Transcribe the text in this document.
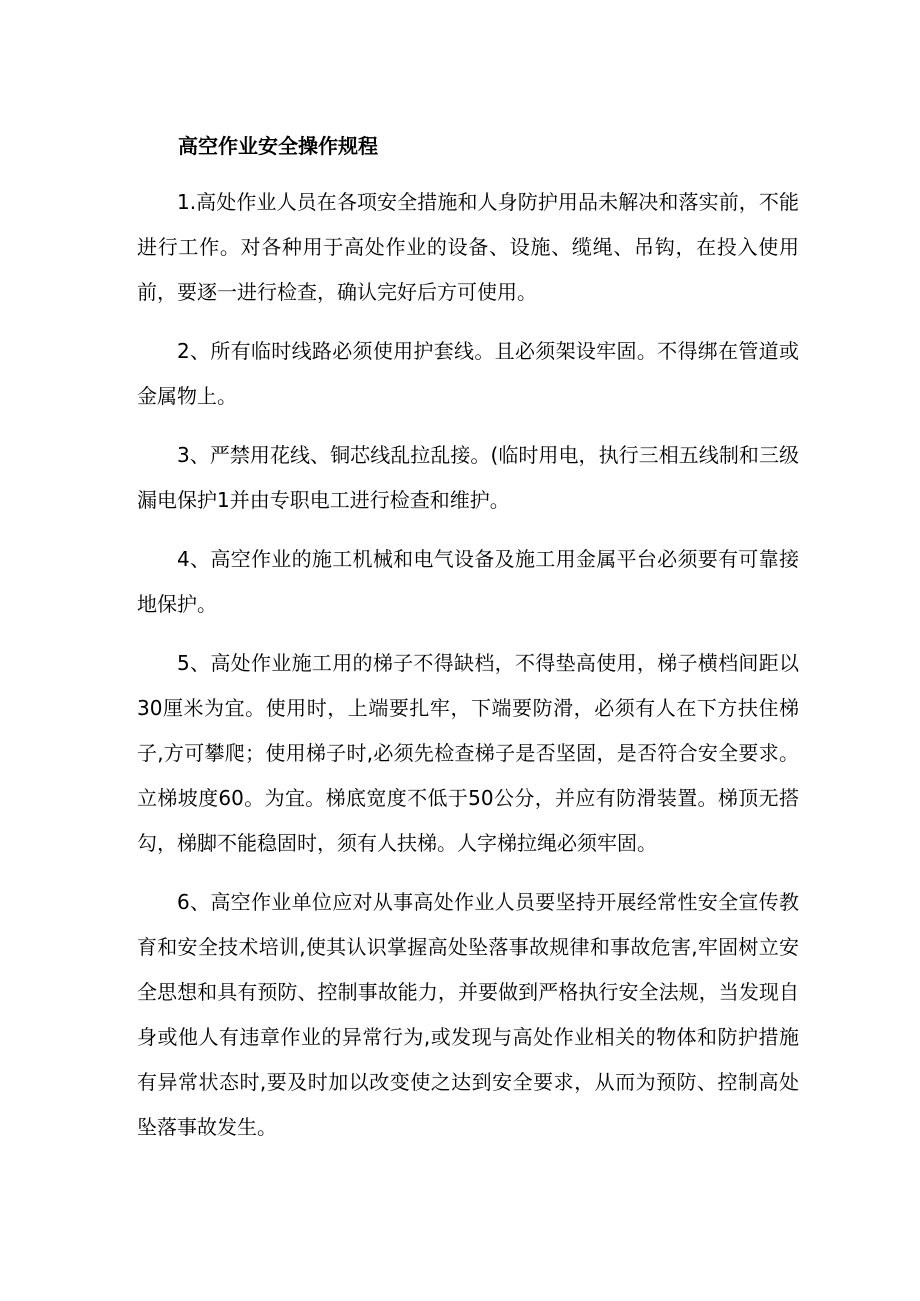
高空作业安全操作规程

1.高处作业人员在各项安全措施和人身防护用品未解决和落实前，不能进行工作。对各种用于高处作业的设备、设施、缆绳、吊钩，在投入使用前，要逐一进行检查，确认完好后方可使用。

2、所有临时线路必须使用护套线。且必须架设牢固。不得绑在管道或金属物上。

3、严禁用花线、铜芯线乱拉乱接。(临时用电，执行三相五线制和三级漏电保护1并由专职电工进行检查和维护。

4、高空作业的施工机械和电气设备及施工用金属平台必须要有可靠接地保护。

5、高处作业施工用的梯子不得缺档，不得垫高使用，梯子横档间距以30厘米为宜。使用时，上端要扎牢，下端要防滑，必须有人在下方扶住梯子,方可攀爬；使用梯子时,必须先检查梯子是否坚固，是否符合安全要求。立梯坡度60。为宜。梯底宽度不低于50公分，并应有防滑装置。梯顶无搭勾，梯脚不能稳固时，须有人扶梯。人字梯拉绳必须牢固。

6、高空作业单位应对从事高处作业人员要坚持开展经常性安全宣传教育和安全技术培训,使其认识掌握高处坠落事故规律和事故危害,牢固树立安全思想和具有预防、控制事故能力，并要做到严格执行安全法规，当发现自身或他人有违章作业的异常行为,或发现与高处作业相关的物体和防护措施有异常状态时,要及时加以改变使之达到安全要求，从而为预防、控制高处坠落事故发生。
